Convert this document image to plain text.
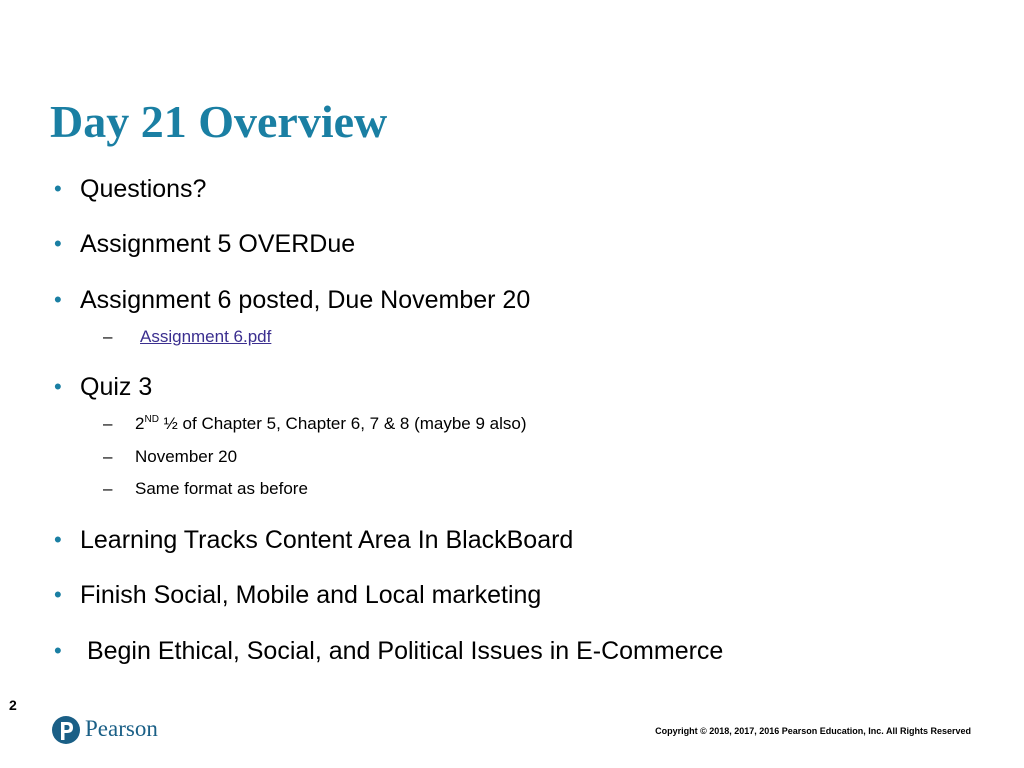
Day 21 Overview
• Questions?
• Assignment 5 OVERDue
• Assignment 6 posted, Due November 20
– Assignment 6.pdf
• Quiz 3
– 2ND ½ of Chapter 5, Chapter 6, 7 & 8 (maybe 9 also)
– November 20
– Same format as before
• Learning Tracks Content Area In BlackBoard
• Finish Social, Mobile and Local marketing
• Begin Ethical, Social, and Political Issues in E-Commerce
2
Pearson	Copyright © 2018, 2017, 2016 Pearson Education, Inc. All Rights Reserved
